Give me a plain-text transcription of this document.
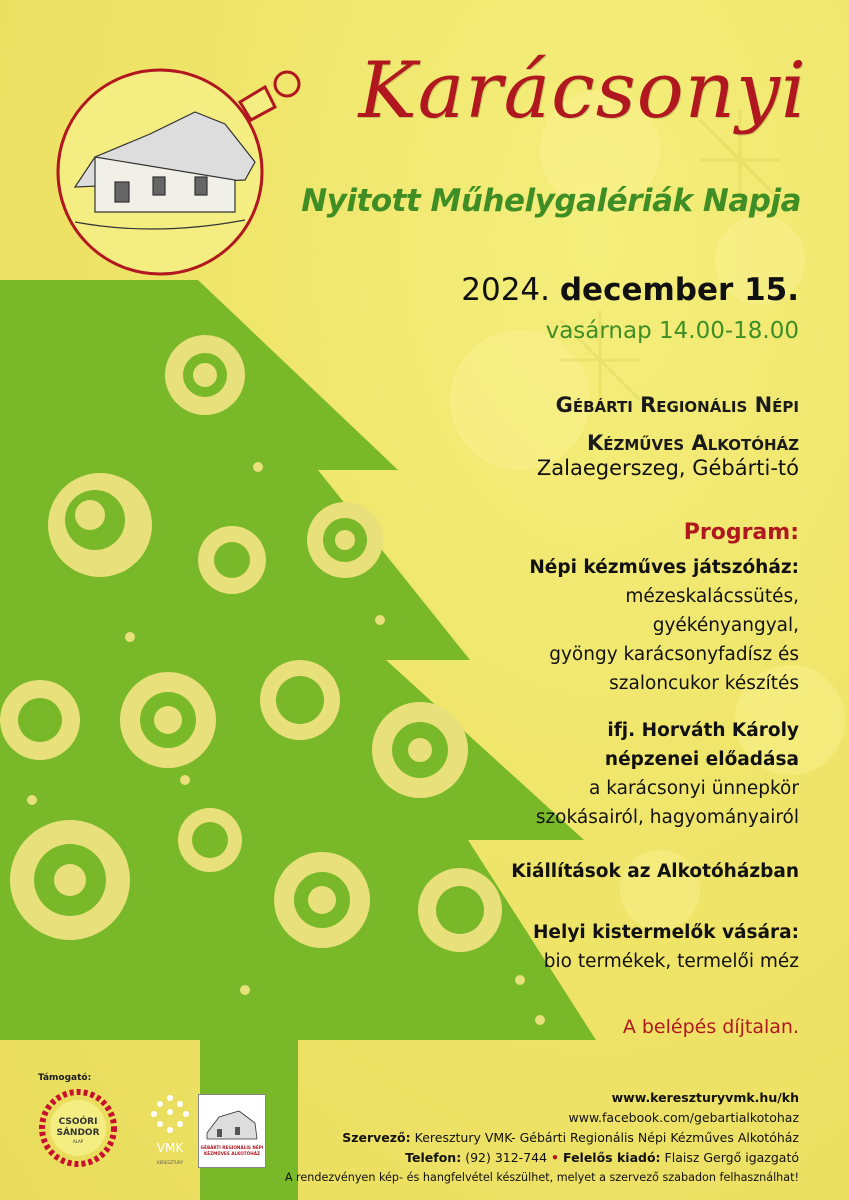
Karácsonyi
Nyitott Műhelygalériák Napja
2024. december 15.
vasárnap 14.00-18.00
Gébárti Regionális Népi
Kézműves Alkotóház
Zalaegerszeg, Gébárti-tó
Program:
Népi kézműves játszóház:
mézeskalácssütés,
gyékényangyal,
gyöngy karácsonyfadísz és
szaloncukor készítés
ifj. Horváth Károly
népzenei előadása
a karácsonyi ünnepkör
szokásairól, hagyományairól
Kiállítások az Alkotóházban
Helyi kistermelők vására:
bio termékek, termelői méz
A belépés díjtalan.
Támogató:
CSOÓRI
SÁNDOR
ALAP	VMK
KERESZTURY
GÉBÁRTI REGIONÁLIS NÉPI
KÉZMŰVES ALKOTÓHÁZ
www.kereszturyvmk.hu/kh
www.facebook.com/gebartialkotohaz
Szervező: Keresztury VMK- Gébárti Regionális Népi Kézműves Alkotóház
Telefon: (92) 312-744 • Felelős kiadó: Flaisz Gergő igazgató
A rendezvényen kép- és hangfelvétel készülhet, melyet a szervező szabadon felhasználhat!
